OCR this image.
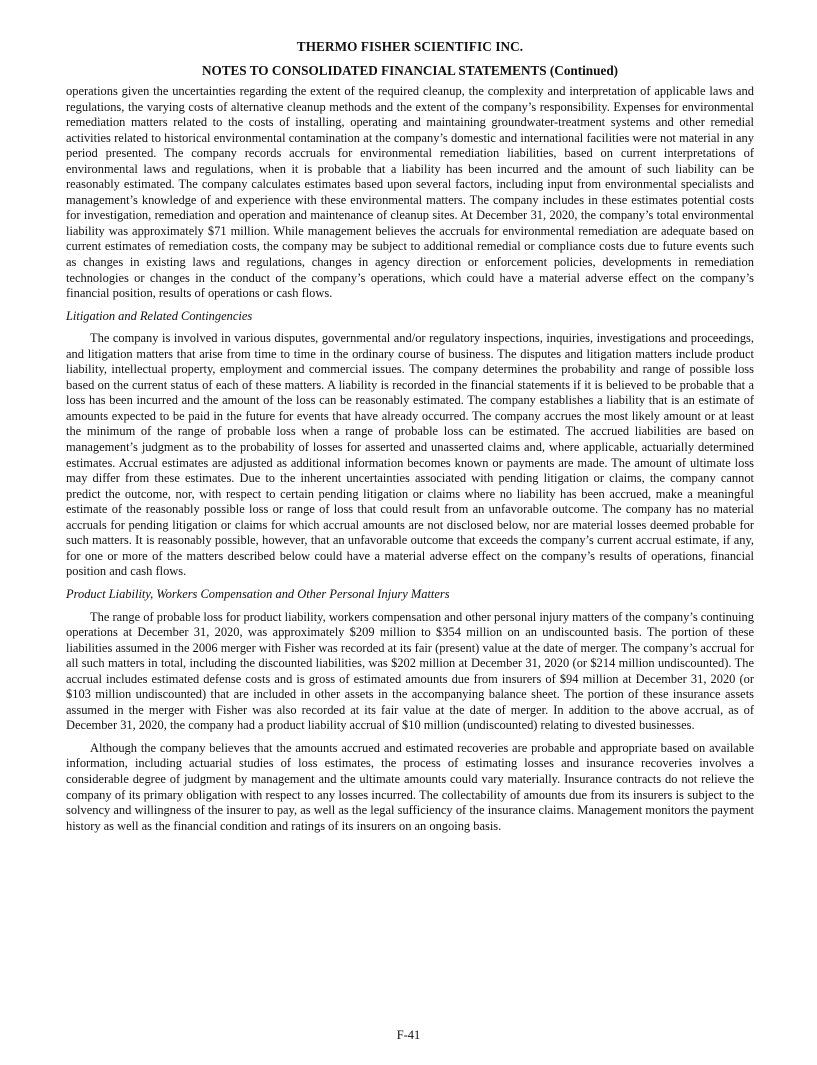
THERMO FISHER SCIENTIFIC INC.
NOTES TO CONSOLIDATED FINANCIAL STATEMENTS (Continued)

operations given the uncertainties regarding the extent of the required cleanup, the complexity and interpretation of applicable laws and regulations, the varying costs of alternative cleanup methods and the extent of the company’s responsibility. Expenses for environmental remediation matters related to the costs of installing, operating and maintaining groundwater-treatment systems and other remedial activities related to historical environmental contamination at the company’s domestic and international facilities were not material in any period presented. The company records accruals for environmental remediation liabilities, based on current interpretations of environmental laws and regulations, when it is probable that a liability has been incurred and the amount of such liability can be reasonably estimated. The company calculates estimates based upon several factors, including input from environmental specialists and management’s knowledge of and experience with these environmental matters. The company includes in these estimates potential costs for investigation, remediation and operation and maintenance of cleanup sites. At December 31, 2020, the company’s total environmental liability was approximately $71 million. While management believes the accruals for environmental remediation are adequate based on current estimates of remediation costs, the company may be subject to additional remedial or compliance costs due to future events such as changes in existing laws and regulations, changes in agency direction or enforcement policies, developments in remediation technologies or changes in the conduct of the company’s operations, which could have a material adverse effect on the company’s financial position, results of operations or cash flows.

Litigation and Related Contingencies

The company is involved in various disputes, governmental and/or regulatory inspections, inquiries, investigations and proceedings, and litigation matters that arise from time to time in the ordinary course of business. The disputes and litigation matters include product liability, intellectual property, employment and commercial issues. The company determines the probability and range of possible loss based on the current status of each of these matters. A liability is recorded in the financial statements if it is believed to be probable that a loss has been incurred and the amount of the loss can be reasonably estimated. The company establishes a liability that is an estimate of amounts expected to be paid in the future for events that have already occurred. The company accrues the most likely amount or at least the minimum of the range of probable loss when a range of probable loss can be estimated. The accrued liabilities are based on management’s judgment as to the probability of losses for asserted and unasserted claims and, where applicable, actuarially determined estimates. Accrual estimates are adjusted as additional information becomes known or payments are made. The amount of ultimate loss may differ from these estimates. Due to the inherent uncertainties associated with pending litigation or claims, the company cannot predict the outcome, nor, with respect to certain pending litigation or claims where no liability has been accrued, make a meaningful estimate of the reasonably possible loss or range of loss that could result from an unfavorable outcome. The company has no material accruals for pending litigation or claims for which accrual amounts are not disclosed below, nor are material losses deemed probable for such matters. It is reasonably possible, however, that an unfavorable outcome that exceeds the company’s current accrual estimate, if any, for one or more of the matters described below could have a material adverse effect on the company’s results of operations, financial position and cash flows.

Product Liability, Workers Compensation and Other Personal Injury Matters

The range of probable loss for product liability, workers compensation and other personal injury matters of the company’s continuing operations at December 31, 2020, was approximately $209 million to $354 million on an undiscounted basis. The portion of these liabilities assumed in the 2006 merger with Fisher was recorded at its fair (present) value at the date of merger. The company’s accrual for all such matters in total, including the discounted liabilities, was $202 million at December 31, 2020 (or $214 million undiscounted). The accrual includes estimated defense costs and is gross of estimated amounts due from insurers of $94 million at December 31, 2020 (or $103 million undiscounted) that are included in other assets in the accompanying balance sheet. The portion of these insurance assets assumed in the merger with Fisher was also recorded at its fair value at the date of merger. In addition to the above accrual, as of December 31, 2020, the company had a product liability accrual of $10 million (undiscounted) relating to divested businesses.

Although the company believes that the amounts accrued and estimated recoveries are probable and appropriate based on available information, including actuarial studies of loss estimates, the process of estimating losses and insurance recoveries involves a considerable degree of judgment by management and the ultimate amounts could vary materially. Insurance contracts do not relieve the company of its primary obligation with respect to any losses incurred. The collectability of amounts due from its insurers is subject to the solvency and willingness of the insurer to pay, as well as the legal sufficiency of the insurance claims. Management monitors the payment history as well as the financial condition and ratings of its insurers on an ongoing basis.

F-41
